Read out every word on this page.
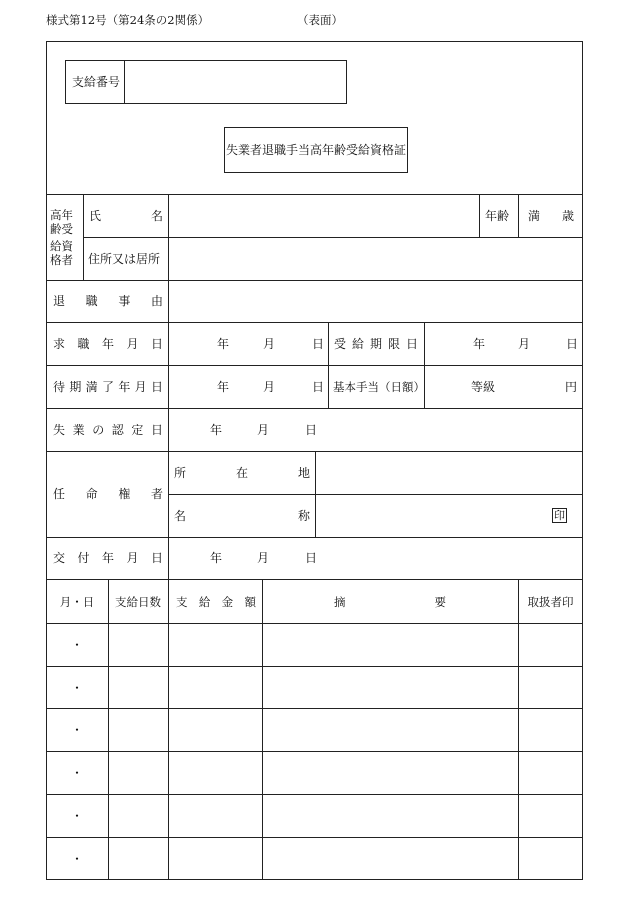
様式第12号（第24条の2関係）	（表面）
支給番号
失業者退職手当高年齢受給資格証
高年
齢受
給資
格者
氏	名	年齢 満 歳
住所又は居所
退 職 事 由
求 職 年 月 日	年	月	日 受 給 期 限 日	年	月	日
待 期 満 了 年 月 日	年	月	日 基本手当（日額）	等級	円
失 業 の 認 定 日	年	月	日
任 命 権 者
所	在	地
名	称	印
交 付 年 月 日	年	月	日
月・日	支給日数	支 給 金 額	摘	要	取扱者印
・
・
・
・
・
・
